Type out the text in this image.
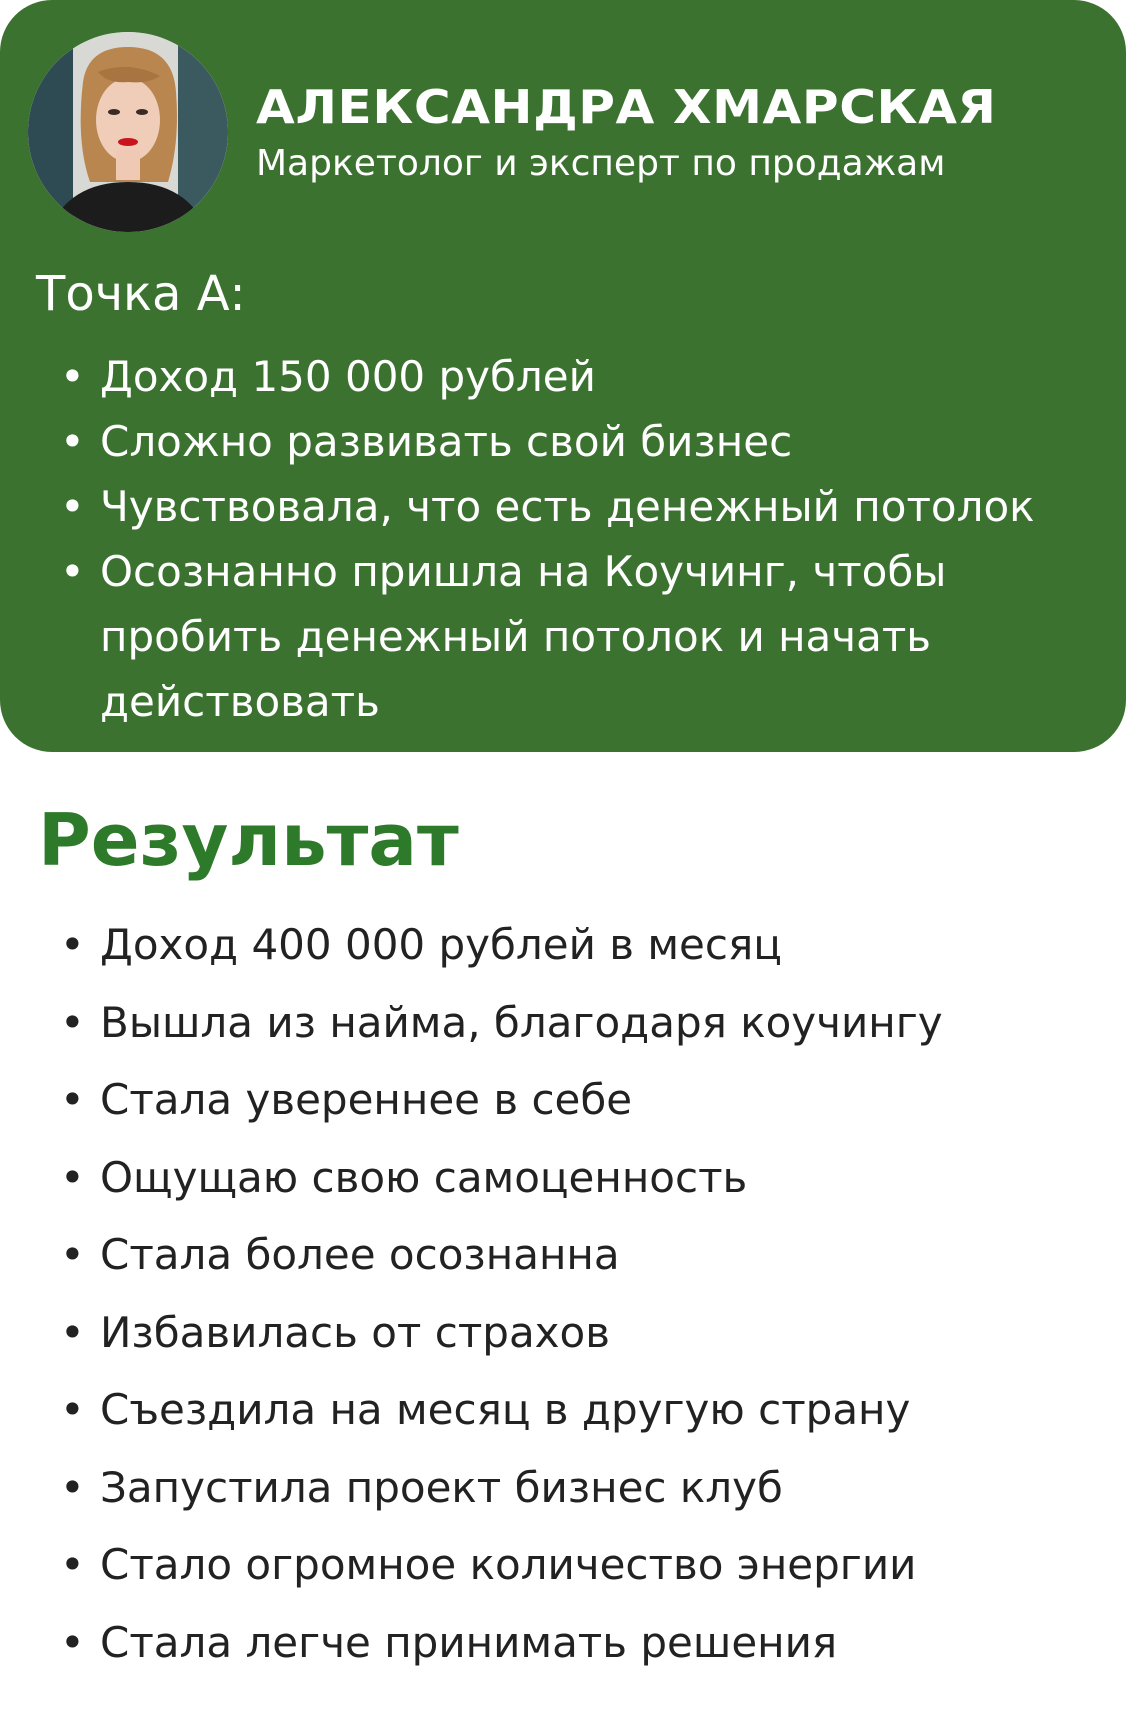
АЛЕКСАНДРА ХМАРСКАЯ
Маркетолог и эксперт по продажам
Точка А:
• Доход 150 000 рублей
• Сложно развивать свой бизнес
• Чувствовала, что есть денежный потолок
• Осознанно пришла на Коучинг, чтобы
пробить денежный потолок и начать
действовать
Результат
• Доход 400 000 рублей в месяц
• Вышла из найма, благодаря коучингу
• Стала увереннее в себе
• Ощущаю свою самоценность
• Стала более осознанна
• Избавилась от страхов
• Съездила на месяц в другую страну
• Запустила проект бизнес клуб
• Стало огромное количество энергии
• Стала легче принимать решения
